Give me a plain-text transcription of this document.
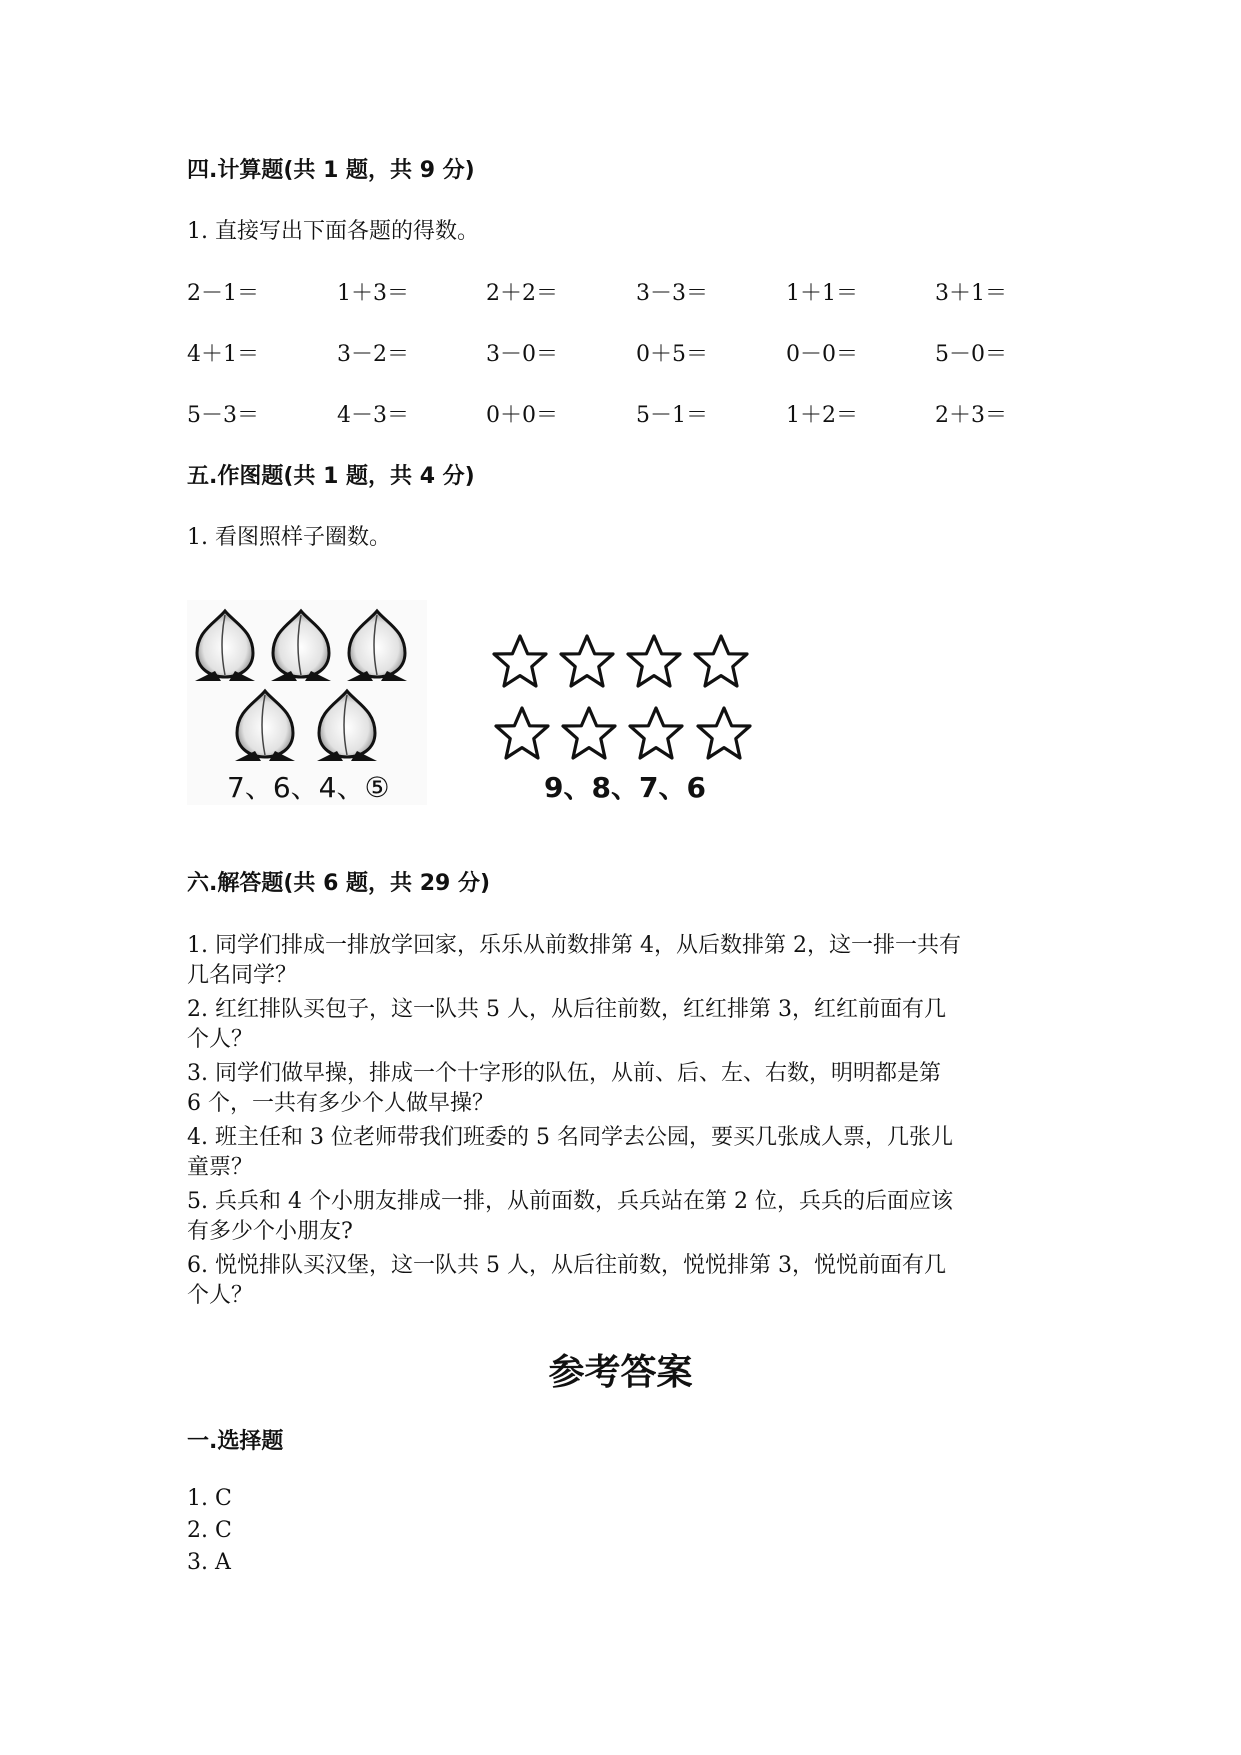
四.计算题(共 1 题，共 9 分)
1. 直接写出下面各题的得数。
2－1＝	1＋3＝	2＋2＝	3－3＝	1＋1＝	3＋1＝
4＋1＝	3－2＝	3－0＝	0＋5＝	0－0＝	5－0＝
5－3＝	4－3＝	0＋0＝	5－1＝	1＋2＝	2＋3＝
五.作图题(共 1 题，共 4 分)
1. 看图照样子圈数。
7、6、4、⑤	9、8、7、6
六.解答题(共 6 题，共 29 分)
1. 同学们排成一排放学回家，乐乐从前数排第 4，从后数排第 2，这一排一共有
几名同学？
2. 红红排队买包子，这一队共 5 人，从后往前数，红红排第 3，红红前面有几
个人？
3. 同学们做早操，排成一个十字形的队伍，从前、后、左、右数，明明都是第
6 个，一共有多少个人做早操？
4. 班主任和 3 位老师带我们班委的 5 名同学去公园，要买几张成人票，几张儿
童票？
5. 兵兵和 4 个小朋友排成一排，从前面数，兵兵站在第 2 位，兵兵的后面应该
有多少个小朋友?
6. 悦悦排队买汉堡，这一队共 5 人，从后往前数，悦悦排第 3，悦悦前面有几
个人？
参考答案
一.选择题
1. C
2. C
3. A
